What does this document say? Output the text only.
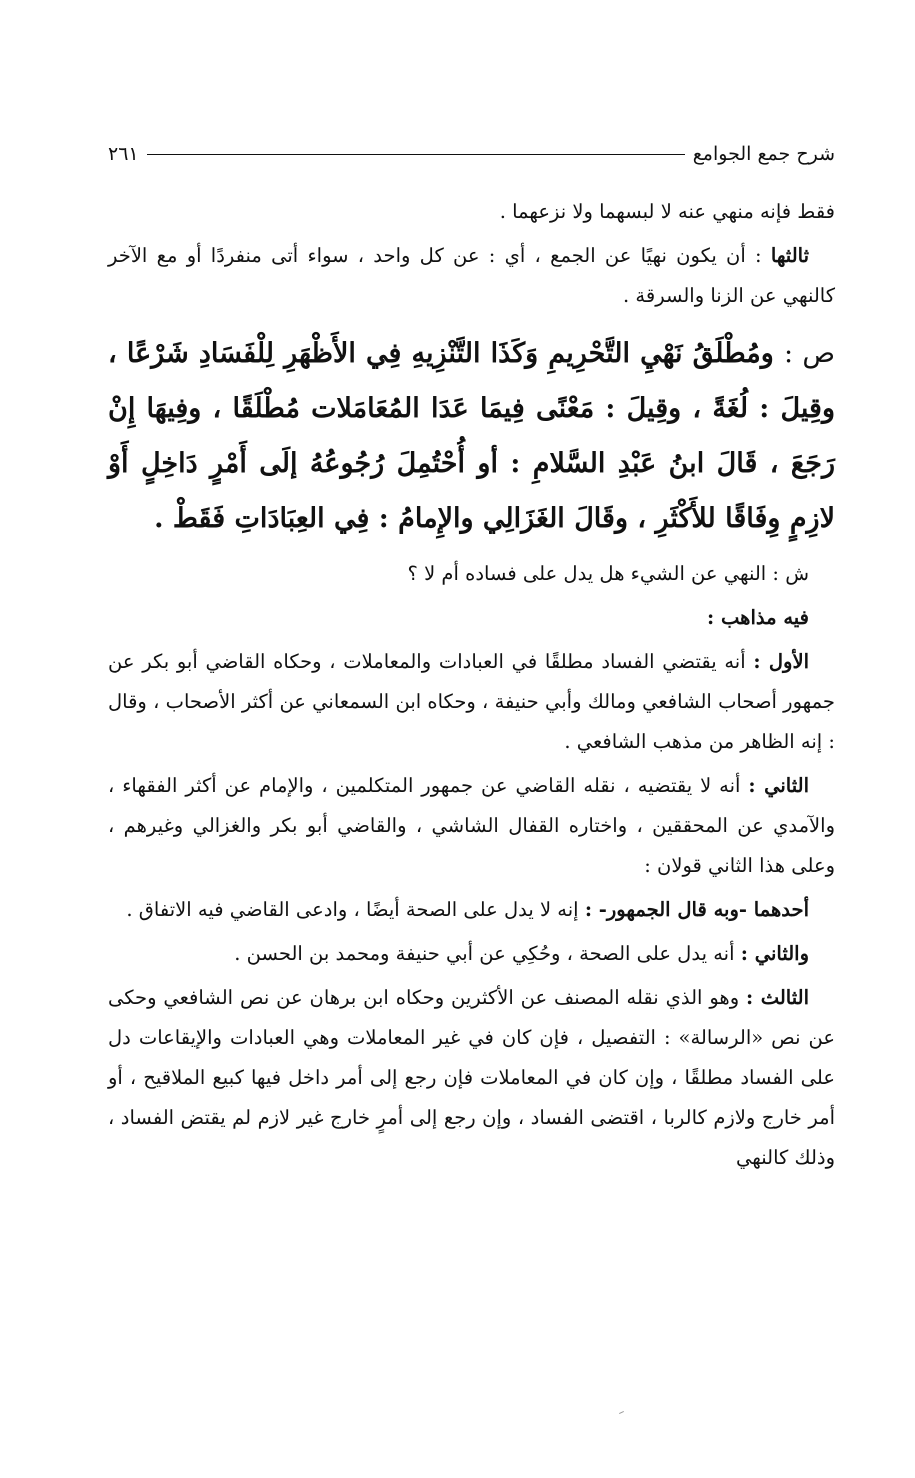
شرح جمع الجوامع
٢٦١

فقط فإنه منهي عنه لا لبسهما ولا نزعهما .

ثالثها : أن يكون نهيًا عن الجمع ، أي : عن كل واحد ، سواء أتى منفردًا أو مع الآخر كالنهي عن الزنا والسرقة .

ص : ومُطْلَقُ نَهْيِ التَّحْرِيمِ وَكَذَا التَّنْزِيهِ فِي الأَظْهَرِ لِلْفَسَادِ شَرْعًا ، وقِيلَ : لُغَةً ، وقِيلَ : مَعْنًى فِيمَا عَدَا المُعَامَلات مُطْلَقًا ، وفِيهَا إِنْ رَجَعَ ، قَالَ ابنُ عَبْدِ السَّلامِ : أو أُحْتُمِلَ رُجُوعُهُ إلَى أَمْرٍ دَاخِلٍ أَوْ لازِمٍ وِفَاقًا للأَكْثَرِ ، وقَالَ الغَزَالِي والإِمامُ : فِي العِبَادَاتِ فَقَطْ .

ش : النهي عن الشيء هل يدل على فساده أم لا ؟

فيه مذاهب :

الأول : أنه يقتضي الفساد مطلقًا في العبادات والمعاملات ، وحكاه القاضي أبو بكر عن جمهور أصحاب الشافعي ومالك وأبي حنيفة ، وحكاه ابن السمعاني عن أكثر الأصحاب ، وقال : إنه الظاهر من مذهب الشافعي .

الثاني : أنه لا يقتضيه ، نقله القاضي عن جمهور المتكلمين ، والإمام عن أكثر الفقهاء ، والآمدي عن المحققين ، واختاره القفال الشاشي ، والقاضي أبو بكر والغزالي وغيرهم ، وعلى هذا الثاني قولان :

أحدهما -وبه قال الجمهور- : إنه لا يدل على الصحة أيضًا ، وادعى القاضي فيه الاتفاق .

والثاني : أنه يدل على الصحة ، وحُكِي عن أبي حنيفة ومحمد بن الحسن .

الثالث : وهو الذي نقله المصنف عن الأكثرين وحكاه ابن برهان عن نص الشافعي وحكى عن نص «الرسالة» : التفصيل ، فإن كان في غير المعاملات وهي العبادات والإيقاعات دل على الفساد مطلقًا ، وإن كان في المعاملات فإن رجع إلى أمر داخل فيها كبيع الملاقيح ، أو أمر خارج ولازم كالربا ، اقتضى الفساد ، وإن رجع إلى أمرٍ خارج غير لازم لم يقتض الفساد ، وذلك كالنهي
